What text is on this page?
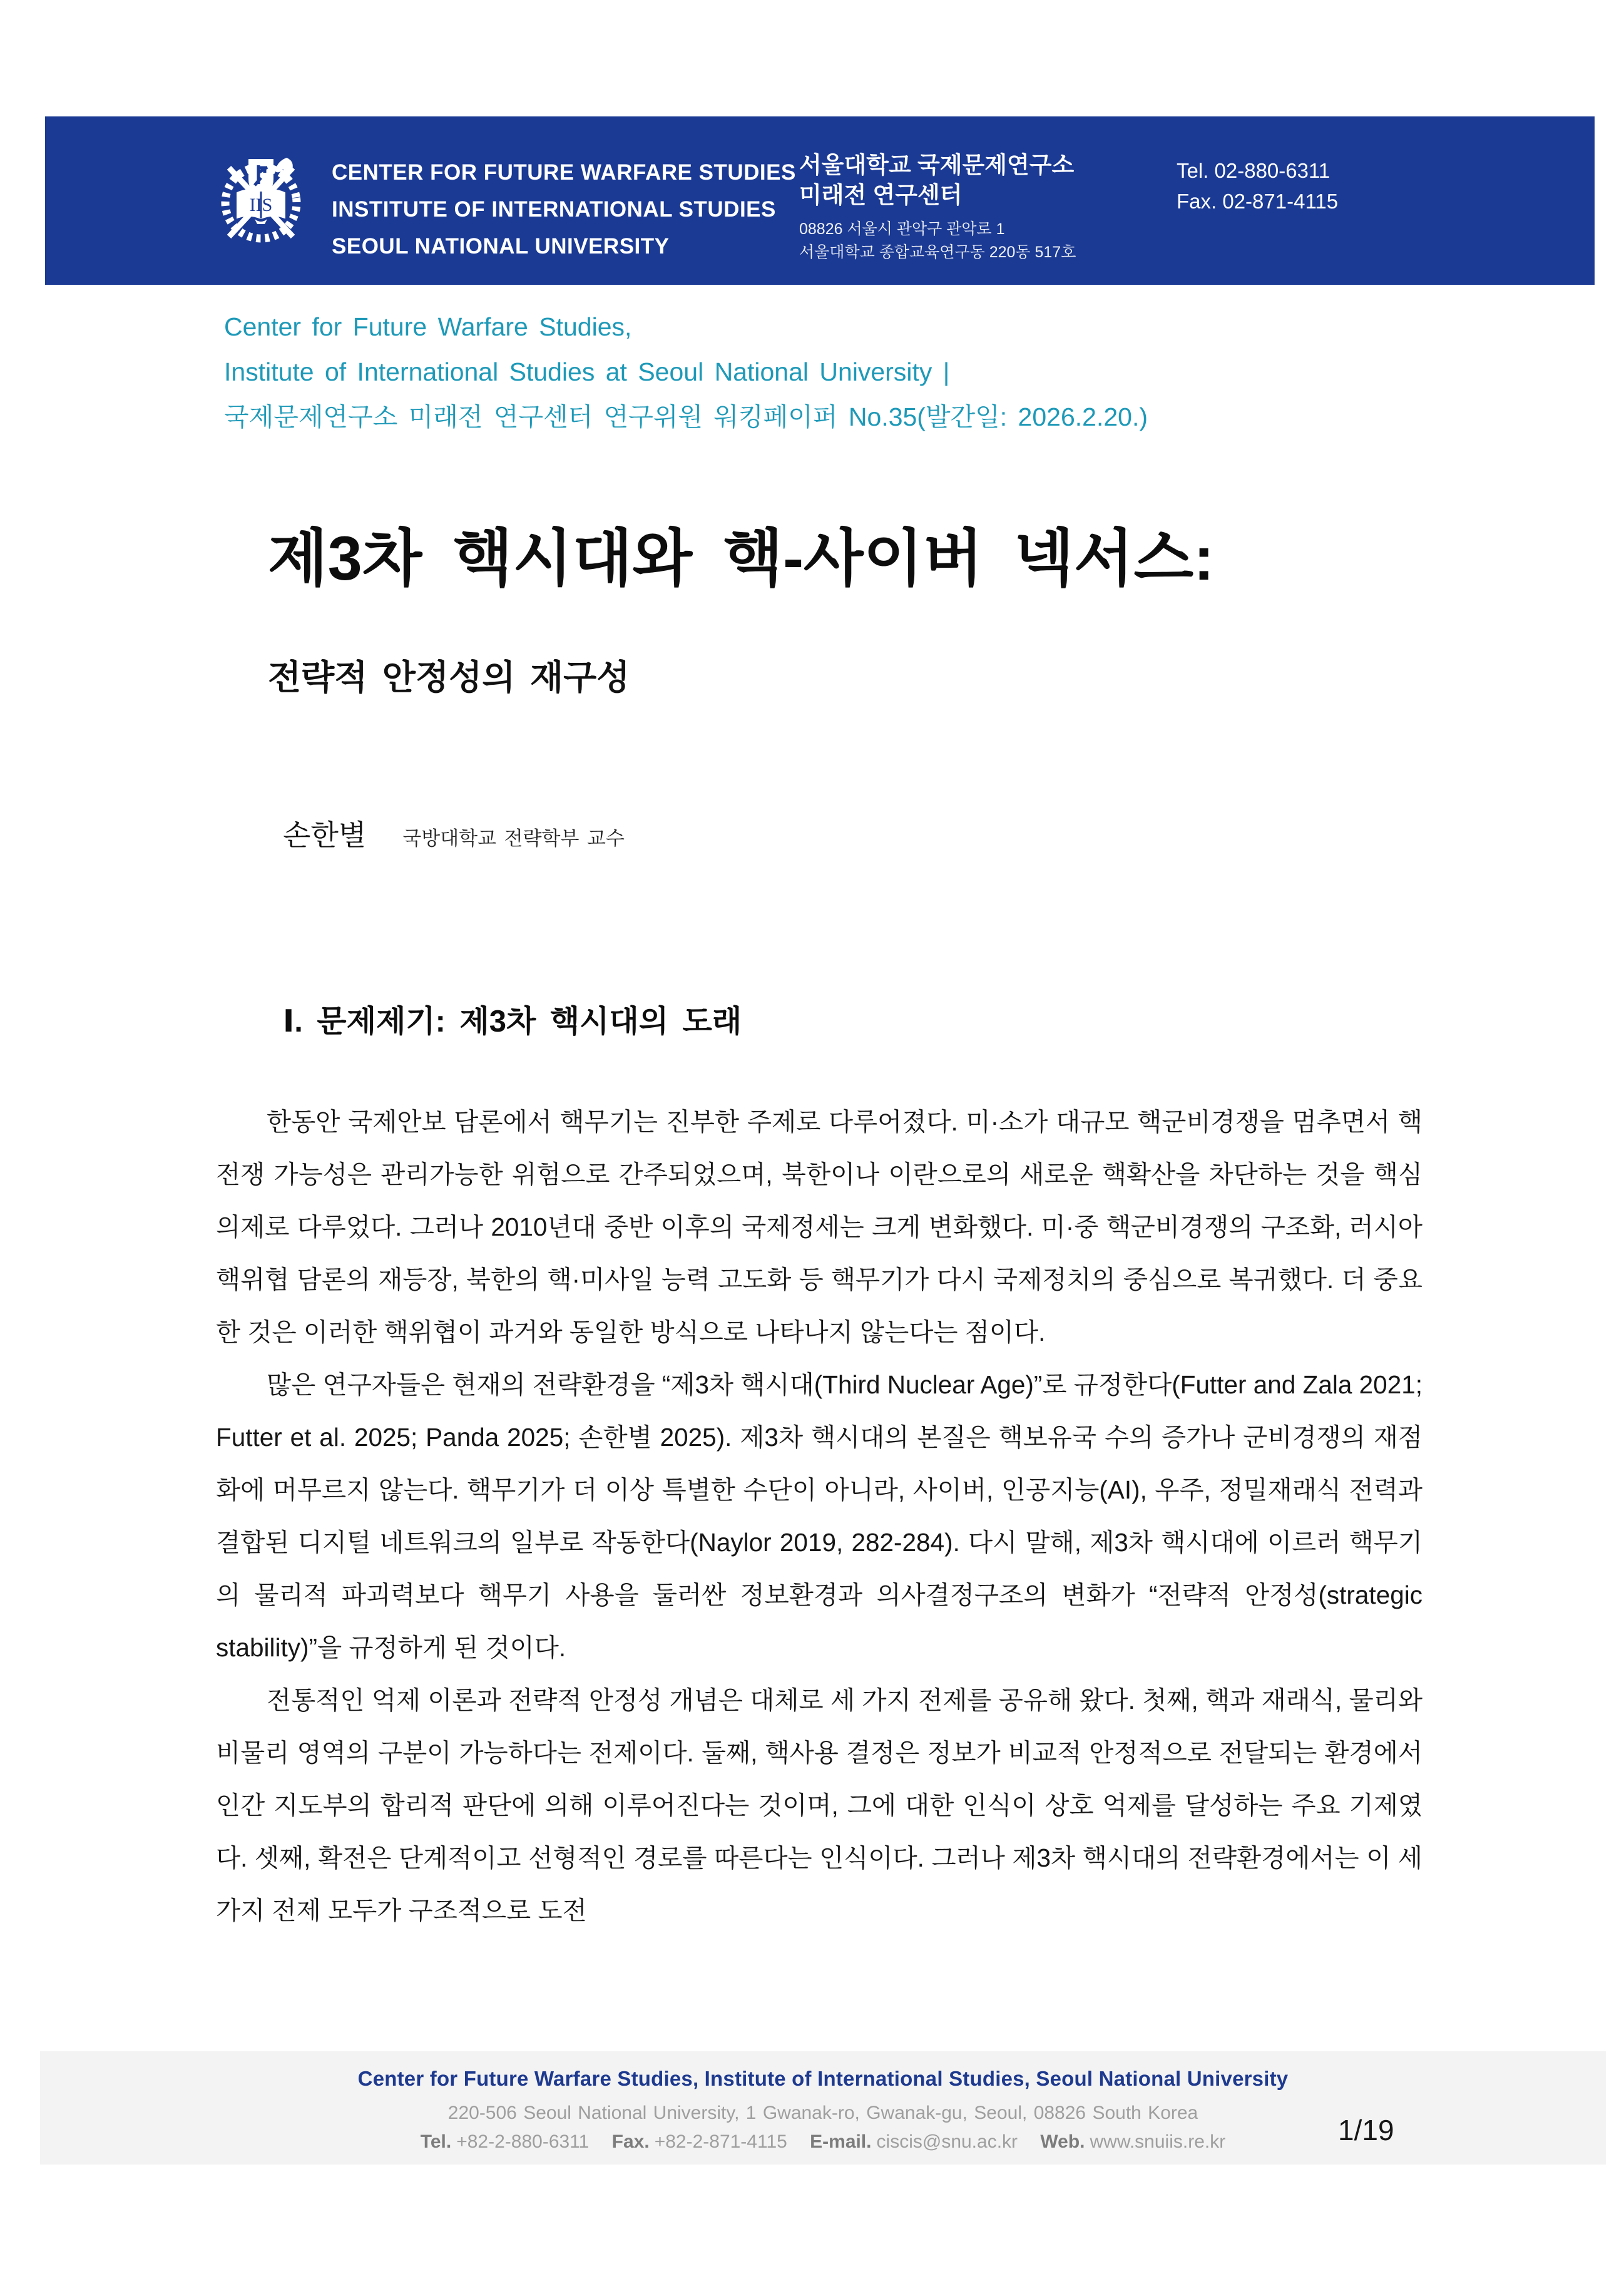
IIS
CENTER FOR FUTURE WARFARE STUDIES
INSTITUTE OF INTERNATIONAL STUDIES
SEOUL NATIONAL UNIVERSITY
서울대학교 국제문제연구소
미래전 연구센터
08826 서울시 관악구 관악로 1
서울대학교 종합교육연구동 220동 517호
Tel. 02-880-6311
Fax. 02-871-4115
Center for Future Warfare Studies,
Institute of International Studies at Seoul National University |
국제문제연구소 미래전 연구센터 연구위원 워킹페이퍼 No.35(발간일: 2026.2.20.)
제3차 핵시대와 핵-사이버 넥서스:
전략적 안정성의 재구성
손한별 국방대학교 전략학부 교수
Ⅰ. 문제제기: 제3차 핵시대의 도래

한동안 국제안보 담론에서 핵무기는 진부한 주제로 다루어졌다. 미·소가 대규모 핵군비경쟁을 멈추면서 핵전쟁 가능성은 관리가능한 위험으로 간주되었으며, 북한이나 이란으로의 새로운 핵확산을 차단하는 것을 핵심 의제로 다루었다. 그러나 2010년대 중반 이후의 국제정세는 크게 변화했다. 미·중 핵군비경쟁의 구조화, 러시아 핵위협 담론의 재등장, 북한의 핵·미사일 능력 고도화 등 핵무기가 다시 국제정치의 중심으로 복귀했다. 더 중요한 것은 이러한 핵위협이 과거와 동일한 방식으로 나타나지 않는다는 점이다.

많은 연구자들은 현재의 전략환경을 “제3차 핵시대(Third Nuclear Age)”로 규정한다(Futter and Zala 2021; Futter et al. 2025; Panda 2025; 손한별 2025). 제3차 핵시대의 본질은 핵보유국 수의 증가나 군비경쟁의 재점화에 머무르지 않는다. 핵무기가 더 이상 특별한 수단이 아니라, 사이버, 인공지능(AI), 우주, 정밀재래식 전력과 결합된 디지털 네트워크의 일부로 작동한다(Naylor 2019, 282-284). 다시 말해, 제3차 핵시대에 이르러 핵무기의 물리적 파괴력보다 핵무기 사용을 둘러싼 정보환경과 의사결정구조의 변화가 “전략적 안정성(strategic stability)”을 규정하게 된 것이다.

전통적인 억제 이론과 전략적 안정성 개념은 대체로 세 가지 전제를 공유해 왔다. 첫째, 핵과 재래식, 물리와 비물리 영역의 구분이 가능하다는 전제이다. 둘째, 핵사용 결정은 정보가 비교적 안정적으로 전달되는 환경에서 인간 지도부의 합리적 판단에 의해 이루어진다는 것이며, 그에 대한 인식이 상호 억제를 달성하는 주요 기제였다. 셋째, 확전은 단계적이고 선형적인 경로를 따른다는 인식이다. 그러나 제3차 핵시대의 전략환경에서는 이 세 가지 전제 모두가 구조적으로 도전

Center for Future Warfare Studies, Institute of International Studies, Seoul National University
220-506 Seoul National University, 1 Gwanak-ro, Gwanak-gu, Seoul, 08826 South Korea
Tel. +82-2-880-6311 Fax. +82-2-871-4115 E-mail. ciscis@snu.ac.kr Web. www.snuiis.re.kr	1/19
